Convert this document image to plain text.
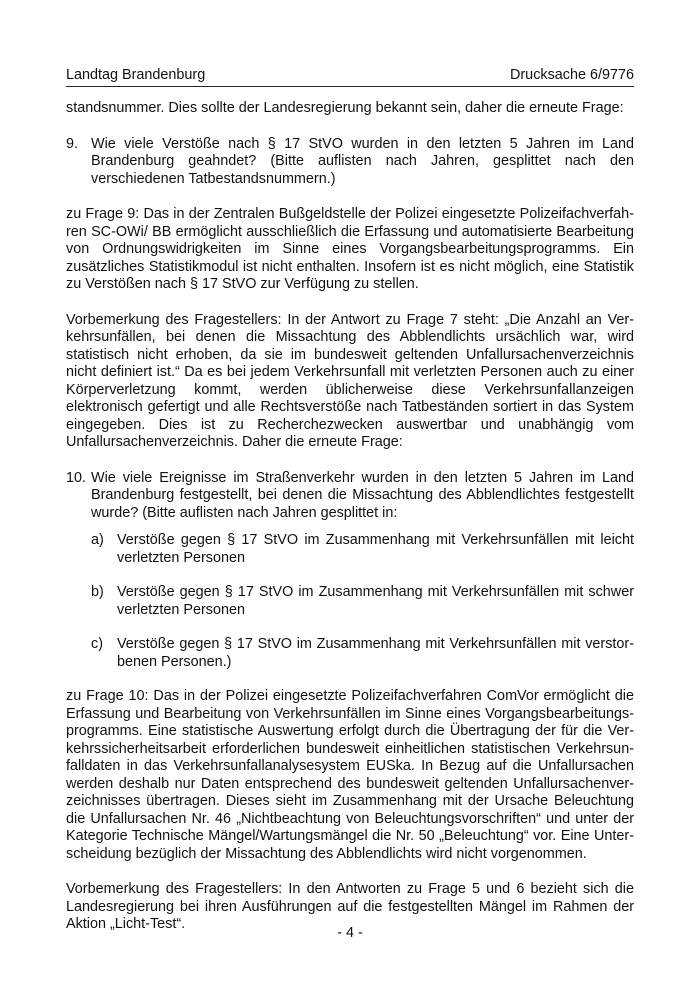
Landtag Brandenburg	Drucksache 6/9776

standsnummer. Dies sollte der Landesregierung bekannt sein, daher die erneute Frage:

9. Wie viele Verstöße nach § 17 StVO wurden in den letzten 5 Jahren im Land Brandenburg geahndet? (Bitte auflisten nach Jahren, gesplittet nach den verschiedenen Tatbestandsnummern.)

zu Frage 9: Das in der Zentralen Bußgeldstelle der Polizei eingesetzte Polizeifachverfahren SC-OWi/ BB ermöglicht ausschließlich die Erfassung und automatisierte Bearbeitung von Ordnungswidrigkeiten im Sinne eines Vorgangsbearbeitungsprogramms. Ein zusätzliches Statistikmodul ist nicht enthalten. Insofern ist es nicht möglich, eine Statistik zu Verstößen nach § 17 StVO zur Verfügung zu stellen.

Vorbemerkung des Fragestellers: In der Antwort zu Frage 7 steht: „Die Anzahl an Verkehrsunfällen, bei denen die Missachtung des Abblendlichts ursächlich war, wird statistisch nicht erhoben, da sie im bundesweit geltenden Unfallursachenverzeichnis nicht definiert ist.“ Da es bei jedem Verkehrsunfall mit verletzten Personen auch zu einer Körperverletzung kommt, werden üblicherweise diese Verkehrsunfallanzeigen elektronisch gefertigt und alle Rechtsverstöße nach Tatbeständen sortiert in das System eingegeben. Dies ist zu Recherchezwecken auswertbar und unabhängig vom Unfallursachenverzeichnis. Daher die erneute Frage:

10. Wie viele Ereignisse im Straßenverkehr wurden in den letzten 5 Jahren im Land Brandenburg festgestellt, bei denen die Missachtung des Abblendlichtes festgestellt wurde? (Bitte auflisten nach Jahren gesplittet in:
a) Verstöße gegen § 17 StVO im Zusammenhang mit Verkehrsunfällen mit leicht verletzten Personen
b) Verstöße gegen § 17 StVO im Zusammenhang mit Verkehrsunfällen mit schwer verletzten Personen
c) Verstöße gegen § 17 StVO im Zusammenhang mit Verkehrsunfällen mit verstorbenen Personen.)

zu Frage 10: Das in der Polizei eingesetzte Polizeifachverfahren ComVor ermöglicht die Erfassung und Bearbeitung von Verkehrsunfällen im Sinne eines Vorgangsbearbeitungsprogramms. Eine statistische Auswertung erfolgt durch die Übertragung der für die Verkehrssicherheitsarbeit erforderlichen bundesweit einheitlichen statistischen Verkehrsunfalldaten in das Verkehrsunfallanalysesystem EUSka. In Bezug auf die Unfallursachen werden deshalb nur Daten entsprechend des bundesweit geltenden Unfallursachenverzeichnisses übertragen. Dieses sieht im Zusammenhang mit der Ursache Beleuchtung die Unfallursachen Nr. 46 „Nichtbeachtung von Beleuchtungsvorschriften“ und unter der Kategorie Technische Mängel/Wartungsmängel die Nr. 50 „Beleuchtung“ vor. Eine Unterscheidung bezüglich der Missachtung des Abblendlichts wird nicht vorgenommen.

Vorbemerkung des Fragestellers: In den Antworten zu Frage 5 und 6 bezieht sich die Landesregierung bei ihren Ausführungen auf die festgestellten Mängel im Rahmen der Aktion „Licht-Test“.

- 4 -
